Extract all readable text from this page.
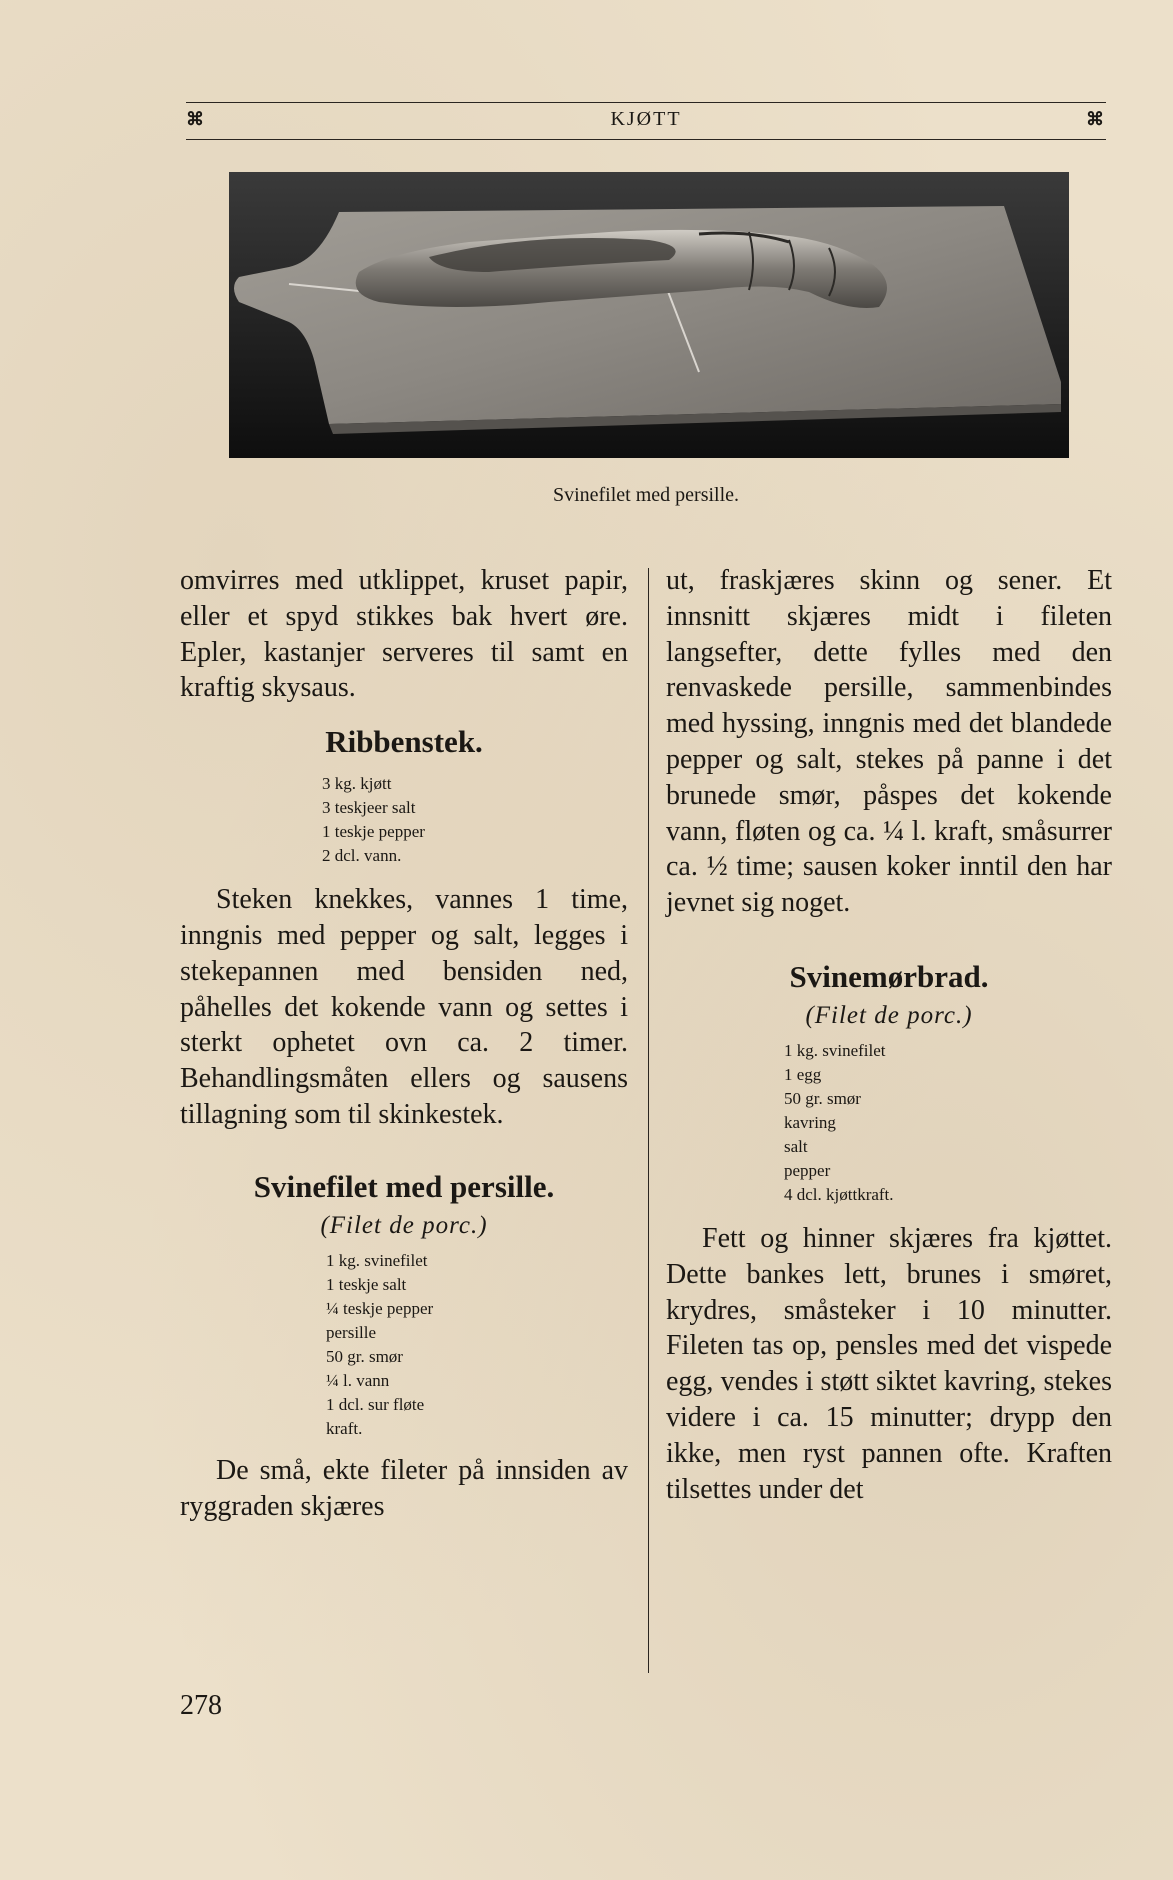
⌘	KJØTT	⌘
Svinefilet med persille.

omvirres med utklippet, kruset papir, eller et spyd stikkes bak hvert øre. Epler, kastanjer serveres til samt en kraftig skysaus.

Ribbenstek.
3 kg. kjøtt
3 teskjeer salt
1 teskje pepper
2 dcl. vann.

Steken knekkes, vannes 1 time, inngnis med pepper og salt, legges i stekepannen med bensiden ned, påhelles det kokende vann og settes i sterkt ophetet ovn ca. 2 timer. Behandlingsmåten ellers og sausens tillagning som til skinkestek.

Svinefilet med persille.
(Filet de porc.)
1 kg. svinefilet
1 teskje salt
¼ teskje pepper
persille
50 gr. smør
¼ l. vann
1 dcl. sur fløte
kraft.

De små, ekte fileter på innsiden av ryggraden skjæres

ut, fraskjæres skinn og sener. Et innsnitt skjæres midt i fileten langsefter, dette fylles med den renvaskede persille, sammenbindes med hyssing, inngnis med det blandede pepper og salt, stekes på panne i det brunede smør, påspes det kokende vann, fløten og ca. ¼ l. kraft, småsurrer ca. ½ time; sausen koker inntil den har jevnet sig noget.

Svinemørbrad.
(Filet de porc.)
1 kg. svinefilet
1 egg
50 gr. smør
kavring
salt
pepper
4 dcl. kjøttkraft.

Fett og hinner skjæres fra kjøttet. Dette bankes lett, brunes i smøret, krydres, småsteker i 10 minutter. Fileten tas op, pensles med det vispede egg, vendes i støtt siktet kavring, stekes videre i ca. 15 minutter; drypp den ikke, men ryst pannen ofte. Kraften tilsettes under det

278
